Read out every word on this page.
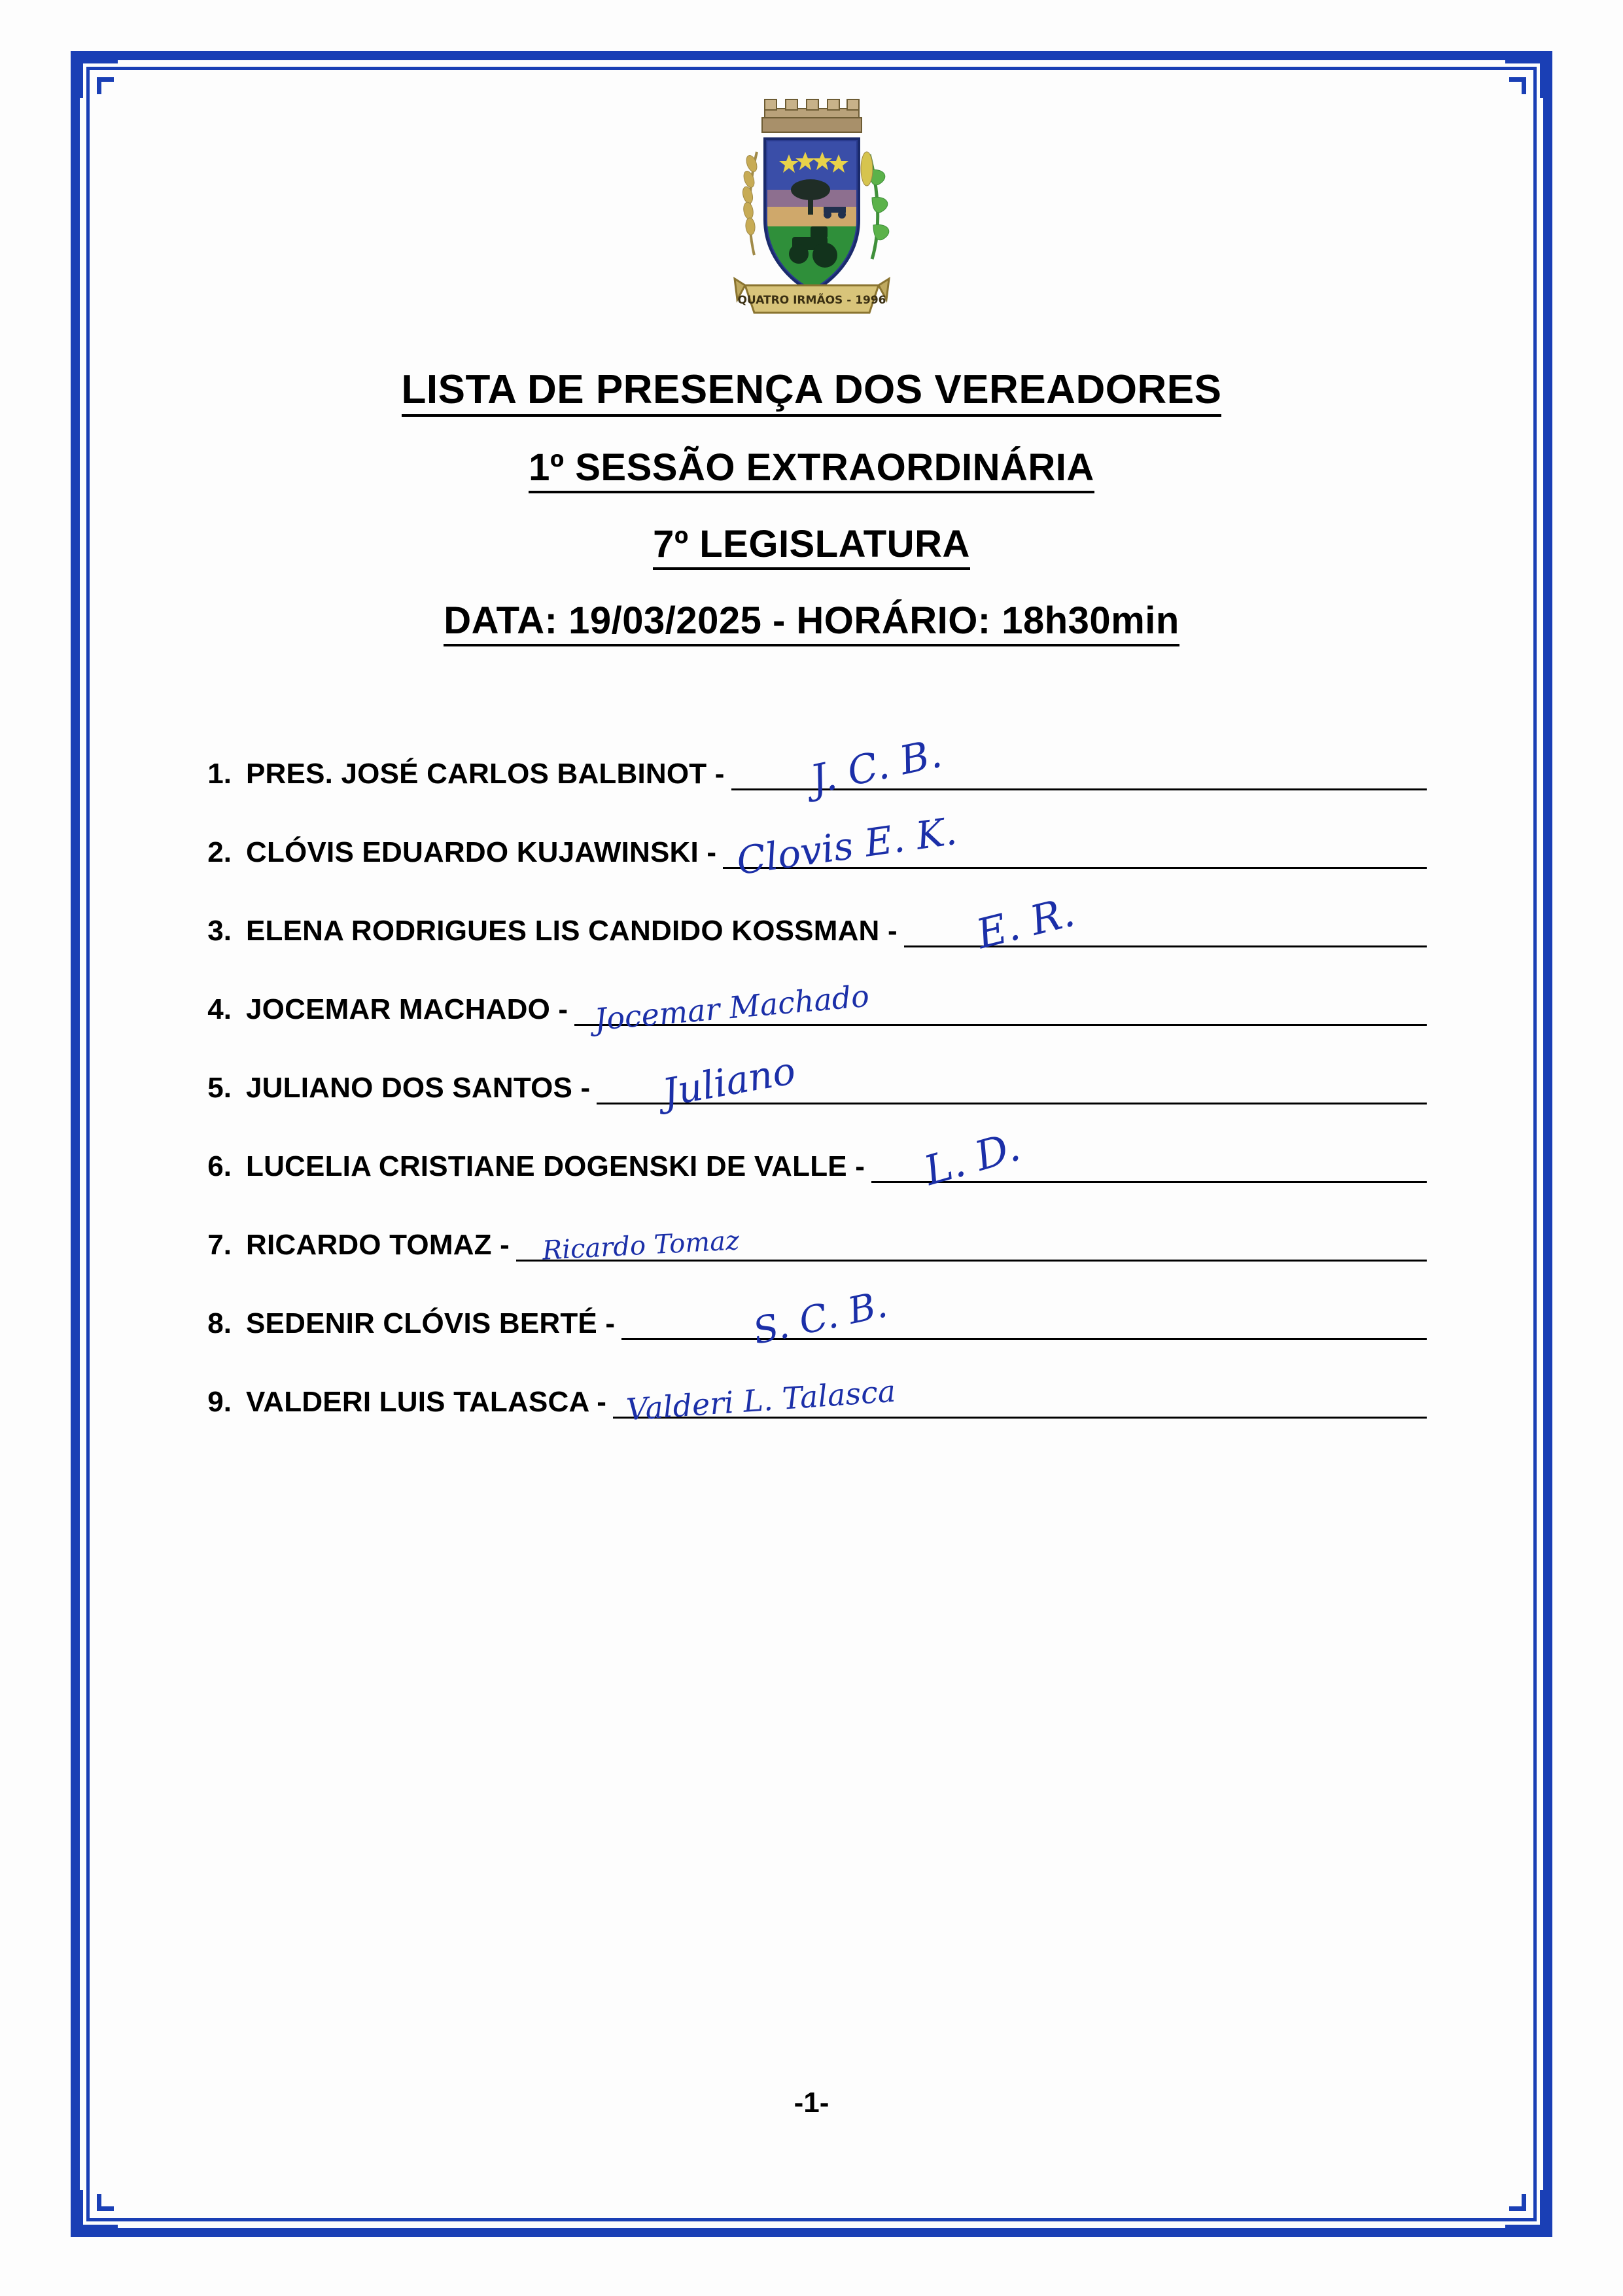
QUATRO IRMÃOS - 1996
LISTA DE PRESENÇA DOS VEREADORES
1º SESSÃO EXTRAORDINÁRIA
7º LEGISLATURA
DATA: 19/03/2025 - HORÁRIO: 18h30min
1. PRES. JOSÉ CARLOS BALBINOT - J. C. B.
2. CLÓVIS EDUARDO KUJAWINSKI - Clovis E. K.
3. ELENA RODRIGUES LIS CANDIDO KOSSMAN - E. R.
4. JOCEMAR MACHADO - Jocemar Machado
5. JULIANO DOS SANTOS - Juliano
6. LUCELIA CRISTIANE DOGENSKI DE VALLE - L. D.
7. RICARDO TOMAZ - Ricardo Tomaz
8. SEDENIR CLÓVIS BERTÉ -	S. C. B.
9. VALDERI LUIS TALASCA - Valderi L. Talasca
-1-
